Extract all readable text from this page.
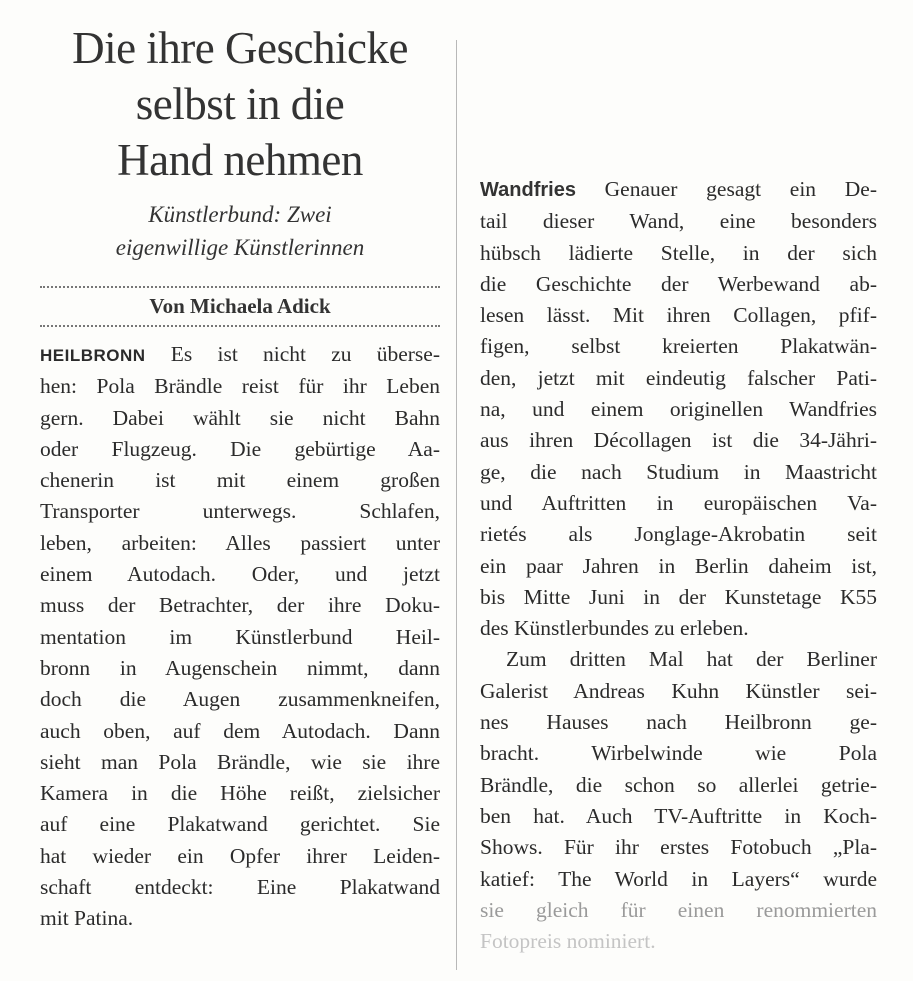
Die ihre Geschicke
selbst in die
Hand nehmen

Künstlerbund: Zwei
eigenwillige Künstlerinnen

Von Michaela Adick
HEILBRONN Es ist nicht zu überse-
hen: Pola Brändle reist für ihr Leben
gern. Dabei wählt sie nicht Bahn
oder Flugzeug. Die gebürtige Aa-
chenerin ist mit einem großen
Transporter unterwegs. Schlafen,
leben, arbeiten: Alles passiert unter
einem Autodach. Oder, und jetzt
muss der Betrachter, der ihre Doku-
mentation im Künstlerbund Heil-
bronn in Augenschein nimmt, dann
doch die Augen zusammenkneifen,
auch oben, auf dem Autodach. Dann
sieht man Pola Brändle, wie sie ihre
Kamera in die Höhe reißt, zielsicher
auf eine Plakatwand gerichtet. Sie
hat wieder ein Opfer ihrer Leiden-
schaft entdeckt: Eine Plakatwand
mit Patina.
Wandfries Genauer gesagt ein De-
tail dieser Wand, eine besonders
hübsch lädierte Stelle, in der sich
die Geschichte der Werbewand ab-
lesen lässt. Mit ihren Collagen, pfif-
figen, selbst kreierten Plakatwän-
den, jetzt mit eindeutig falscher Pati-
na, und einem originellen Wandfries
aus ihren Décollagen ist die 34-Jähri-
ge, die nach Studium in Maastricht
und Auftritten in europäischen Va-
rietés als Jonglage-Akrobatin seit
ein paar Jahren in Berlin daheim ist,
bis Mitte Juni in der Kunstetage K55
des Künstlerbundes zu erleben.
Zum dritten Mal hat der Berliner
Galerist Andreas Kuhn Künstler sei-
nes Hauses nach Heilbronn ge-
bracht. Wirbelwinde wie Pola
Brändle, die schon so allerlei getrie-
ben hat. Auch TV-Auftritte in Koch-
Shows. Für ihr erstes Fotobuch „Pla-
katief: The World in Layers“ wurde
sie gleich für einen renommierten
Fotopreis nominiert.
